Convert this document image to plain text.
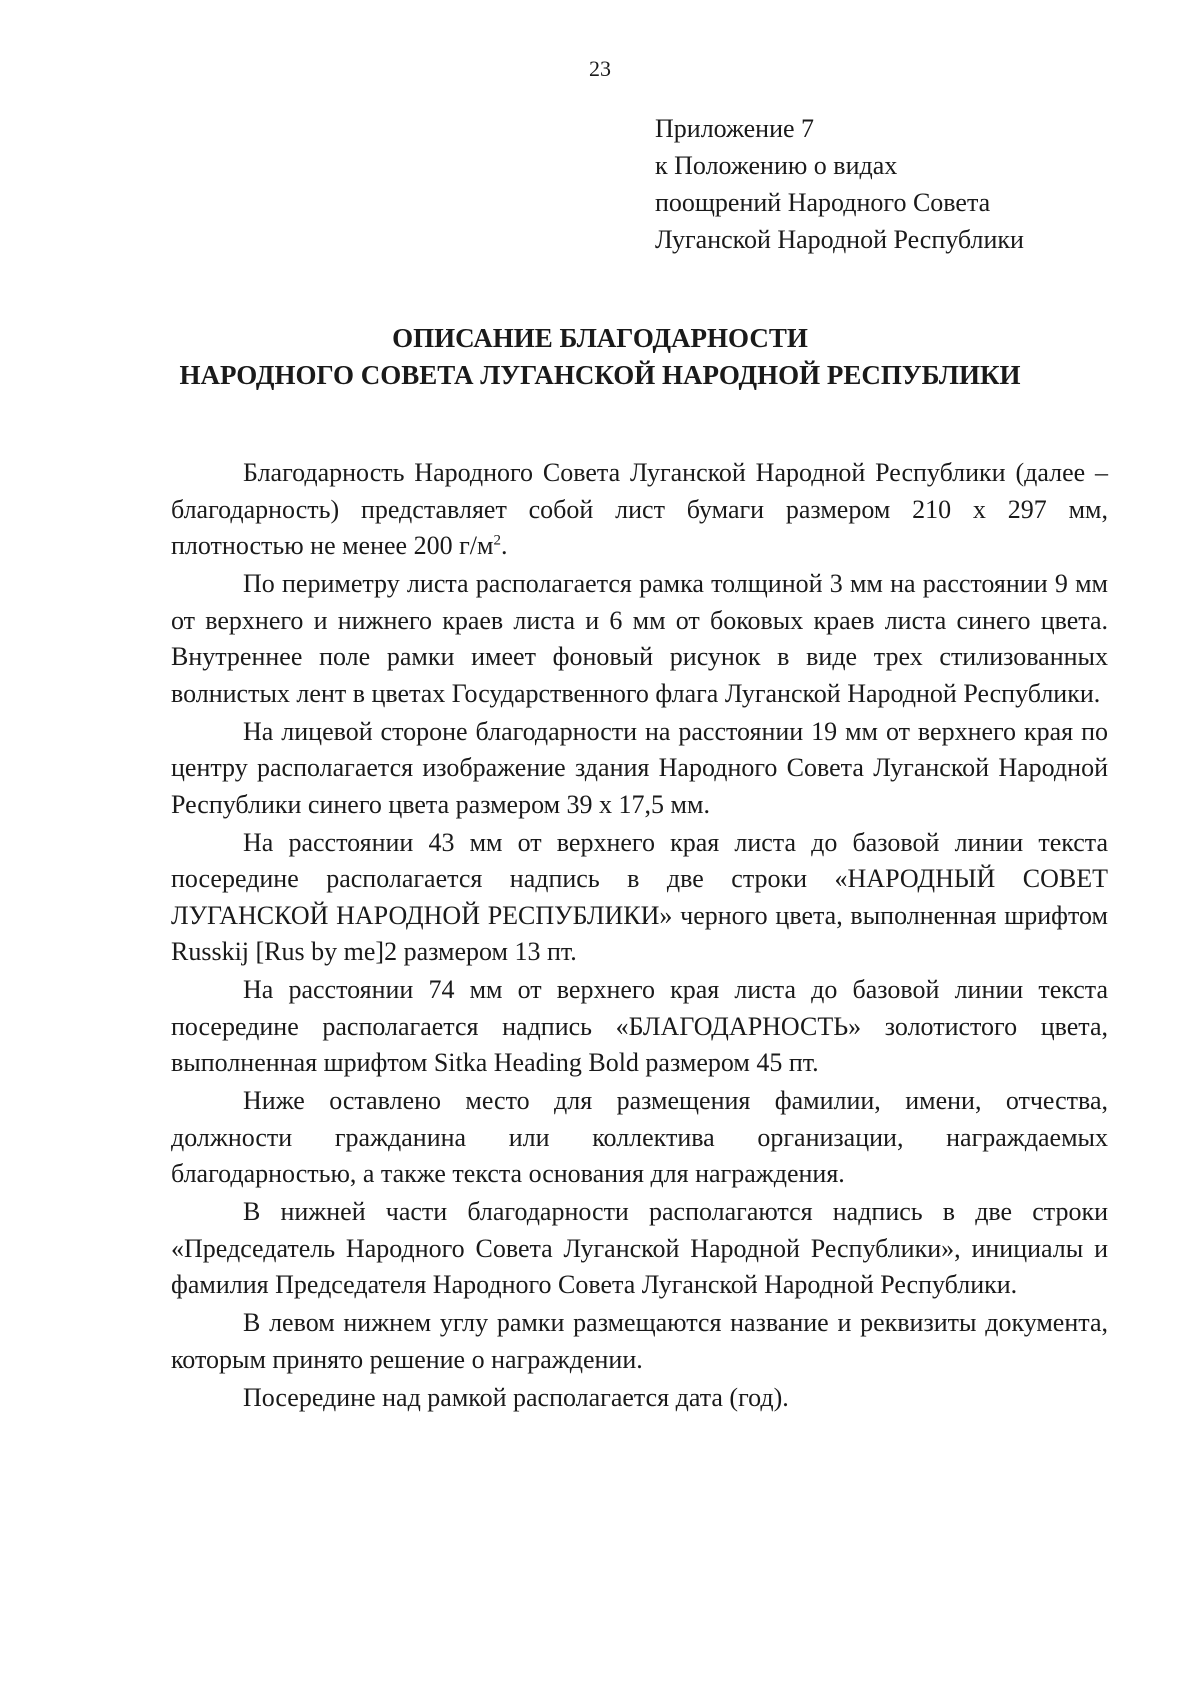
23
Приложение 7
к Положению о видах
поощрений Народного Совета
Луганской Народной Республики
ОПИСАНИЕ БЛАГОДАРНОСТИ
НАРОДНОГО СОВЕТА ЛУГАНСКОЙ НАРОДНОЙ РЕСПУБЛИКИ

Благодарность Народного Совета Луганской Народной Республики (далее – благодарность) представляет собой лист бумаги размером 210 х 297 мм, плотностью не менее 200 $г/м^2$.

По периметру листа располагается рамка толщиной 3 мм на расстоянии 9 мм от верхнего и нижнего краев листа и 6 мм от боковых краев листа синего цвета. Внутреннее поле рамки имеет фоновый рисунок в виде трех стилизованных волнистых лент в цветах Государственного флага Луганской Народной Республики.

На лицевой стороне благодарности на расстоянии 19 мм от верхнего края по центру располагается изображение здания Народного Совета Луганской Народной Республики синего цвета размером 39 х 17,5 мм.

На расстоянии 43 мм от верхнего края листа до базовой линии текста посередине располагается надпись в две строки «НАРОДНЫЙ СОВЕТ ЛУГАНСКОЙ НАРОДНОЙ РЕСПУБЛИКИ» черного цвета, выполненная шрифтом Russkij [Rus by me]2 размером 13 пт.

На расстоянии 74 мм от верхнего края листа до базовой линии текста посередине располагается надпись «БЛАГОДАРНОСТЬ» золотистого цвета, выполненная шрифтом Sitka Heading Bold размером 45 пт.

Ниже оставлено место для размещения фамилии, имени, отчества, должности гражданина или коллектива организации, награждаемых благодарностью, а также текста основания для награждения.

В нижней части благодарности располагаются надпись в две строки «Председатель Народного Совета Луганской Народной Республики», инициалы и фамилия Председателя Народного Совета Луганской Народной Республики.

В левом нижнем углу рамки размещаются название и реквизиты документа, которым принято решение о награждении.

Посередине над рамкой располагается дата (год).
